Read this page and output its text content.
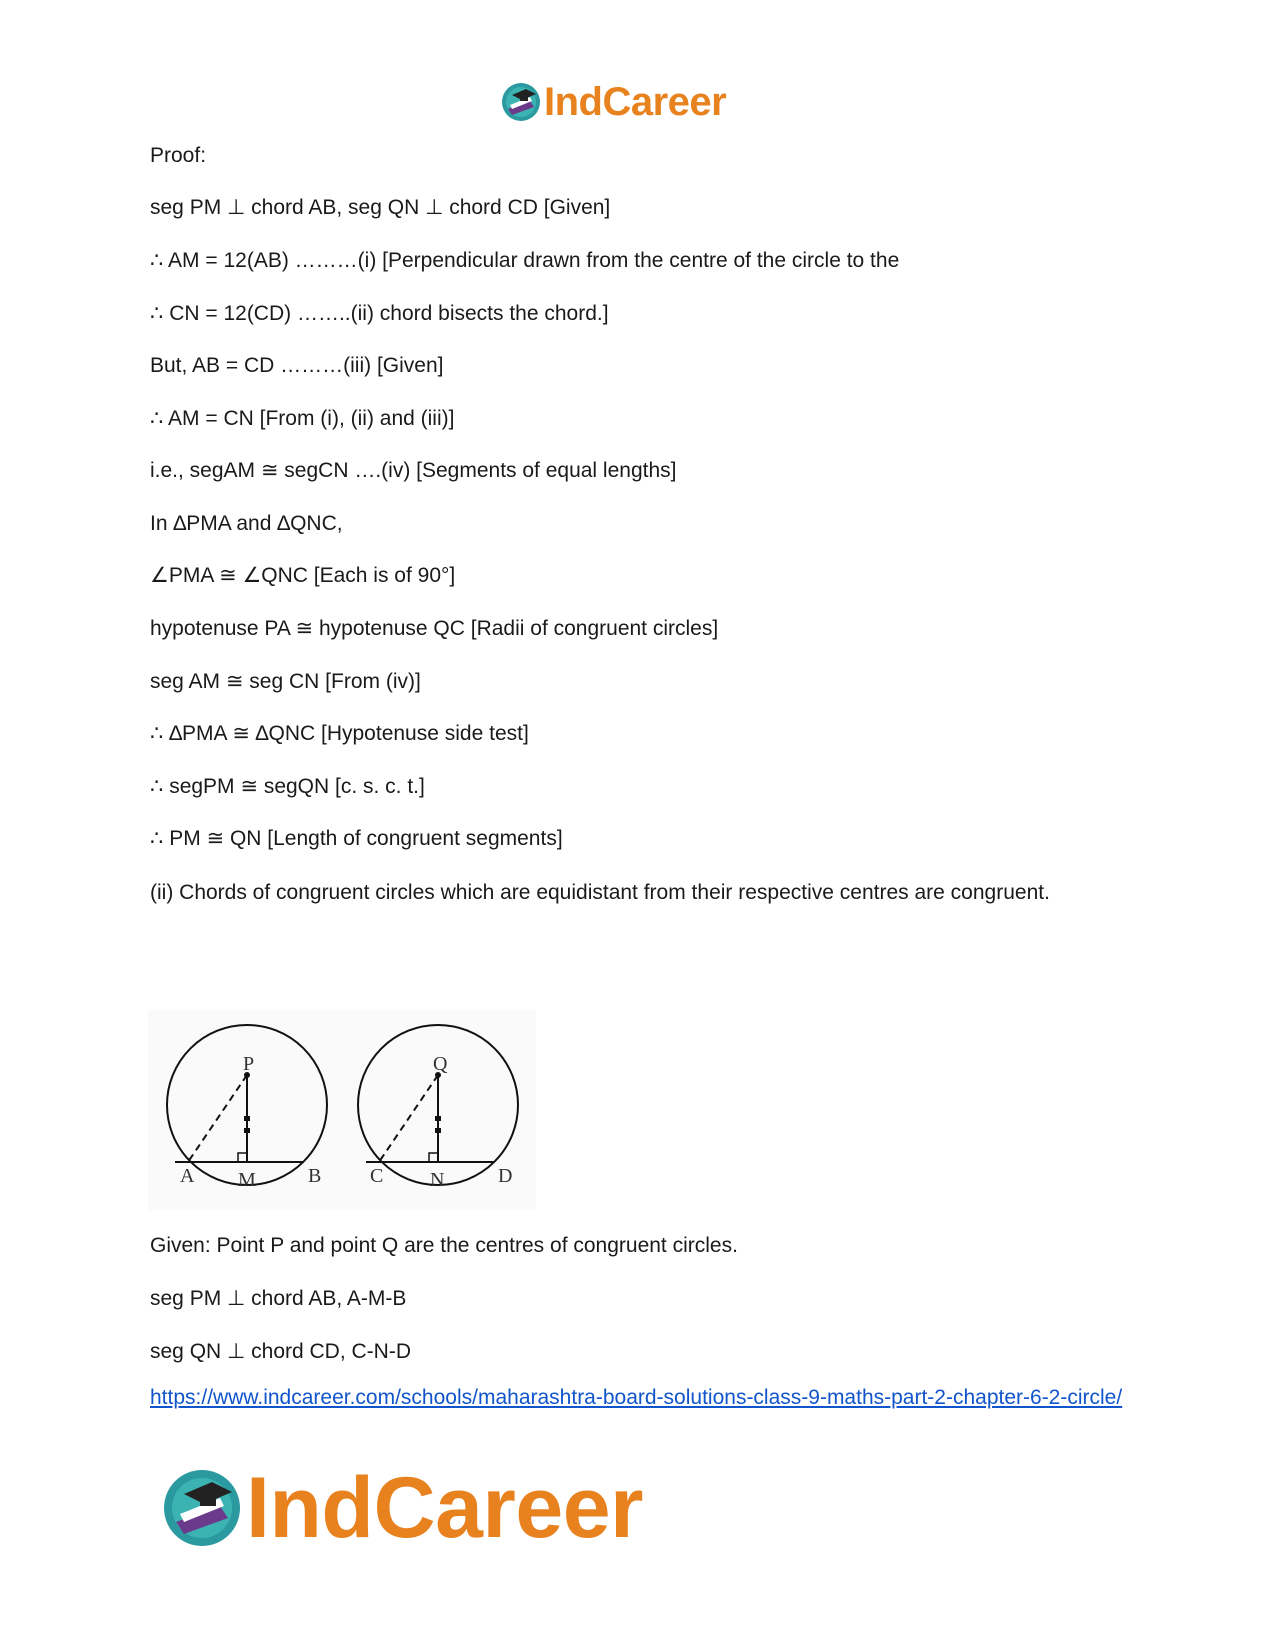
IndCareer
Proof:
seg PM ⊥ chord AB, seg QN ⊥ chord CD [Given]
∴ AM = 12(AB) ………(i) [Perpendicular drawn from the centre of the circle to the
∴ CN = 12(CD) ……..(ii) chord bisects the chord.]
But, AB = CD ………(iii) [Given]
∴ AM = CN [From (i), (ii) and (iii)]
i.e., segAM ≅ segCN ….(iv) [Segments of equal lengths]
In ∆PMA and ∆QNC,
∠PMA ≅ ∠QNC [Each is of 90°]
hypotenuse PA ≅ hypotenuse QC [Radii of congruent circles]
seg AM ≅ seg CN [From (iv)]
∴ ∆PMA ≅ ∆QNC [Hypotenuse side test]
∴ segPM ≅ segQN [c. s. c. t.]
∴ PM ≅ QN [Length of congruent segments]
(ii) Chords of congruent circles which are equidistant from their respective centres are congruent.
P
A M	B
Q
C N	D
Given: Point P and point Q are the centres of congruent circles.
seg PM ⊥ chord AB, A-M-B
seg QN ⊥ chord CD, C-N-D
https://www.indcareer.com/schools/maharashtra-board-solutions-class-9-maths-part-2-chapter-6-2-circle/
IndCareer
